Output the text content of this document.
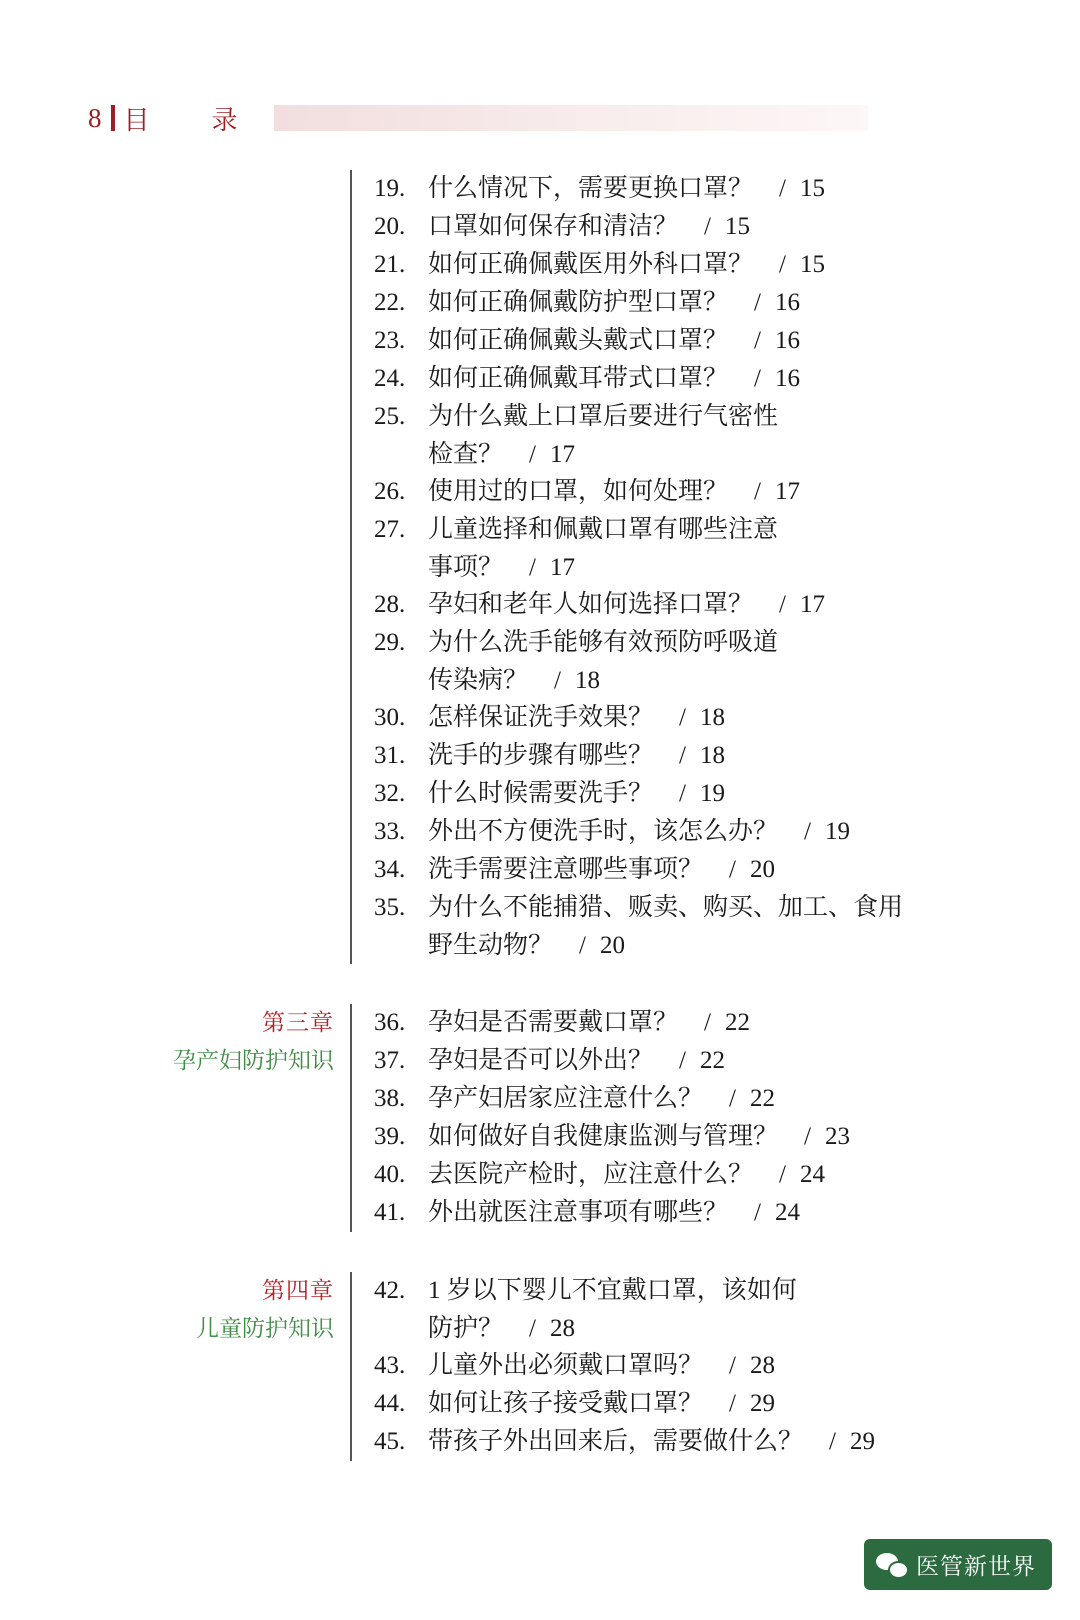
8 目　录
19. 什么情况下，需要更换口罩？ / 15
20. 口罩如何保存和清洁？ / 15
21. 如何正确佩戴医用外科口罩？ / 15
22. 如何正确佩戴防护型口罩？ / 16
23. 如何正确佩戴头戴式口罩？ / 16
24. 如何正确佩戴耳带式口罩？ / 16
25. 为什么戴上口罩后要进行气密性
检查？ / 17
26. 使用过的口罩，如何处理？ / 17
27. 儿童选择和佩戴口罩有哪些注意
事项？ / 17
28. 孕妇和老年人如何选择口罩？ / 17
29. 为什么洗手能够有效预防呼吸道
传染病？ / 18
30. 怎样保证洗手效果？ / 18
31. 洗手的步骤有哪些？ / 18
32. 什么时候需要洗手？ / 19
33. 外出不方便洗手时，该怎么办？ / 19
34. 洗手需要注意哪些事项？ / 20
35. 为什么不能捕猎、贩卖、购买、加工、食用
野生动物？ / 20
第三章
孕产妇防护知识
36. 孕妇是否需要戴口罩？ / 22
37. 孕妇是否可以外出？ / 22
38. 孕产妇居家应注意什么？ / 22
39. 如何做好自我健康监测与管理？ / 23
40. 去医院产检时，应注意什么？ / 24
41. 外出就医注意事项有哪些？ / 24
第四章
儿童防护知识
42. 1 岁以下婴儿不宜戴口罩，该如何
防护？ / 28
43. 儿童外出必须戴口罩吗？ / 28
44. 如何让孩子接受戴口罩？ / 29
45. 带孩子外出回来后，需要做什么？ / 29
医管新世界
